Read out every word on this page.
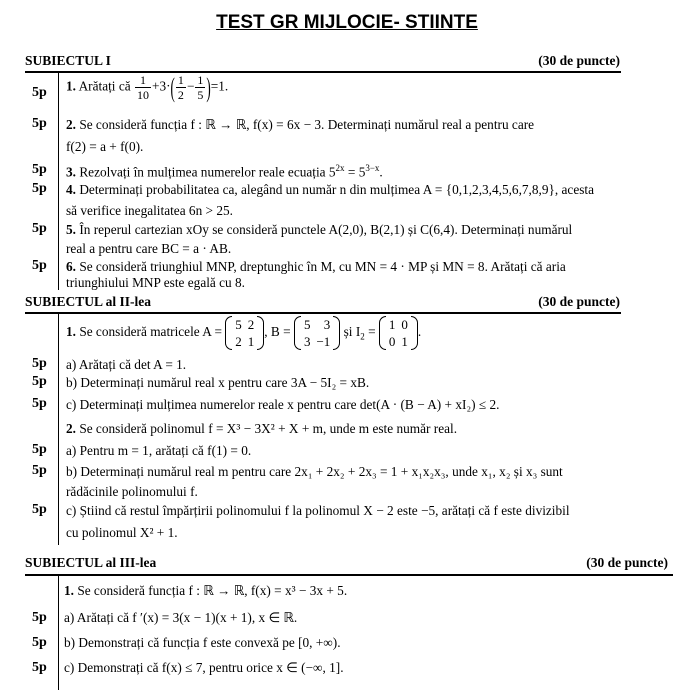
TEST GR MIJLOCIE- STIINTE
SUBIECTUL I	(30 de puncte)
5p 1. Arătați că $\frac{1}{10} +3\cdot( \frac{1}{2} - \frac{1}{5} )=1$.
5p 2. Se consideră funcția f : ℝ → ℝ, f(x) = 6x − 3. Determinați numărul real a pentru care
f(2) = a + f(0).
5p 3. Rezolvați în mulțimea numerelor reale ecuația $5^{2x} = 5^{3-x}$.
5p 4. Determinați probabilitatea ca, alegând un număr n din mulțimea A = {0,1,2,3,4,5,6,7,8,9}, acesta
să verifice inegalitatea 6n > 25.
5p 5. În reperul cartezian xOy se consideră punctele A(2,0), B(2,1) și C(6,4). Determinați numărul
real a pentru care BC = a · AB.
5p 6. Se consideră triunghiul MNP, dreptunghic în M, cu MN = 4 · MP și MN = 8. Arătați că aria
triunghiului MNP este egală cu 8.
SUBIECTUL al II-lea	(30 de puncte)
1. Se consideră matricele A = 5	2
2	1
, B = 5	3
3	−1
și $I_2 = 1$	0
0	1
.
5p a) Arătați că det A = 1.
5p b) Determinați numărul real x pentru care 3A − 5I₂ = xB.
5p c) Determinați mulțimea numerelor reale x pentru care det(A · (B − A) + xI₂) ≤ 2.
2. Se consideră polinomul f = X³ − 3X² + X + m, unde m este număr real.
5p a) Pentru m = 1, arătați că f(1) = 0.
5p b) Determinați numărul real m pentru care 2x₁ + 2x₂ + 2x₃ = 1 + x₁x₂x₃, unde x₁, x₂ și x₃ sunt
rădăcinile polinomului f.
5p c) Știind că restul împărțirii polinomului f la polinomul X − 2 este −5, arătați că f este divizibil
cu polinomul X² + 1.
SUBIECTUL al III-lea	(30 de puncte)
1. Se consideră funcția f : ℝ → ℝ, f(x) = x³ − 3x + 5.
5p a) Arătați că f ′(x) = 3(x − 1)(x + 1), x ∈ ℝ.
5p b) Demonstrați că funcția f este convexă pe [0, +∞).
5p c) Demonstrați că f(x) ≤ 7, pentru orice x ∈ (−∞, 1].
